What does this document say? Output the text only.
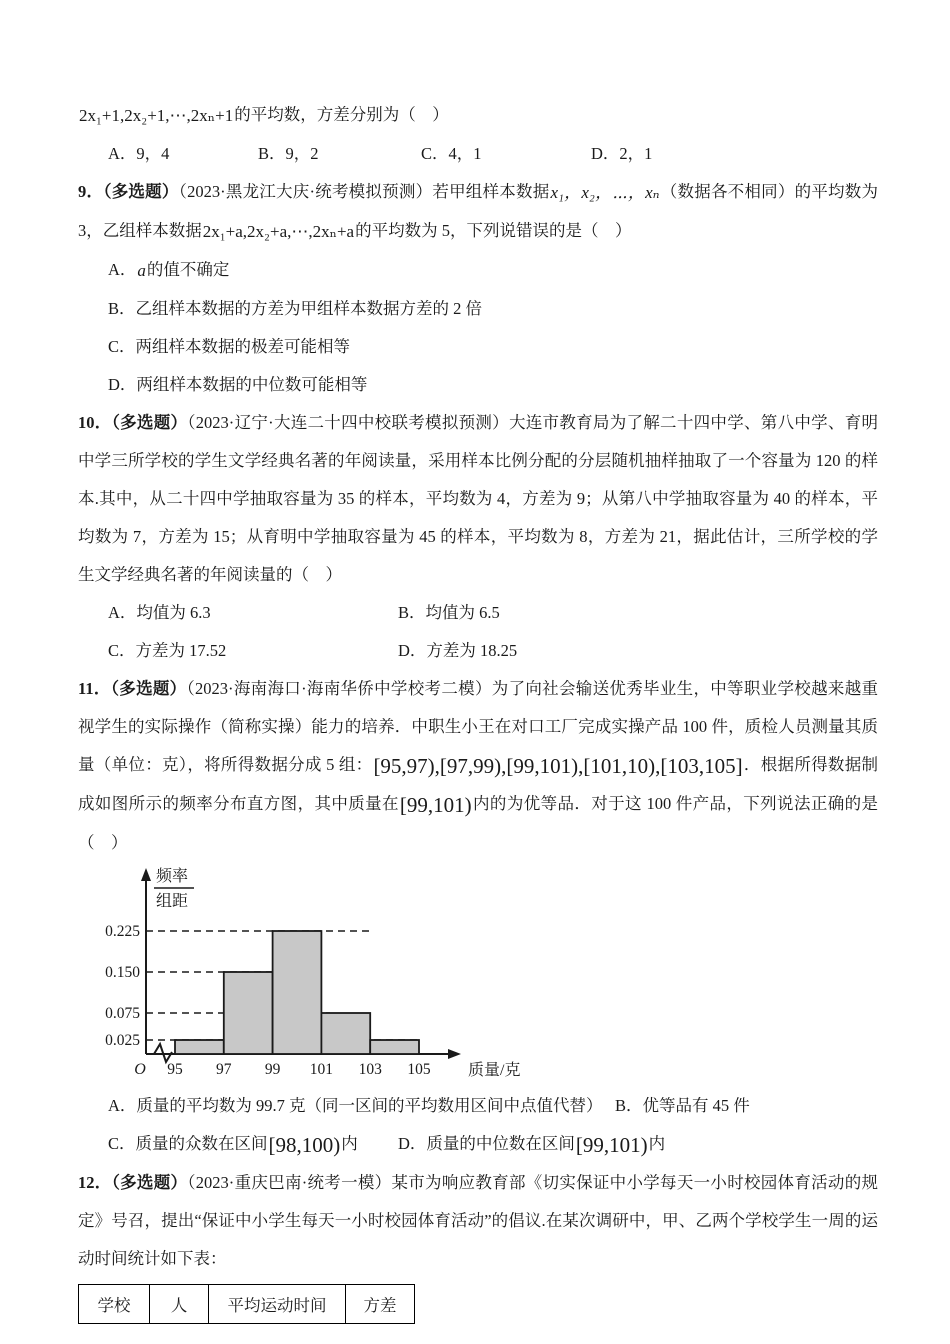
2x₁+1,2x₂+1,⋯,2xₙ+1的平均数，方差分别为（　）
A．9，4	B．9，2	C．4，1	D．2，1
9．（多选题）（2023·黑龙江大庆·统考模拟预测）若甲组样本数据x₁，x₂，⋯，xₙ（数据各不相同）的平均数为 3，乙组样本数据2x₁+a,2x₂+a,⋯,2xₙ+a的平均数为 5，下列说错误的是（　）
A．a的值不确定
B．乙组样本数据的方差为甲组样本数据方差的 2 倍
C．两组样本数据的极差可能相等
D．两组样本数据的中位数可能相等
10．（多选题）（2023·辽宁·大连二十四中校联考模拟预测）大连市教育局为了解二十四中学、第八中学、育明中学三所学校的学生文学经典名著的年阅读量，采用样本比例分配的分层随机抽样抽取了一个容量为 120 的样本.其中，从二十四中学抽取容量为 35 的样本，平均数为 4，方差为 9；从第八中学抽取容量为 40 的样本，平均数为 7，方差为 15；从育明中学抽取容量为 45 的样本，平均数为 8，方差为 21，据此估计，三所学校的学生文学经典名著的年阅读量的（　）
A．均值为 6.3	B．均值为 6.5
C．方差为 17.52	D．方差为 18.25
11．（多选题）（2023·海南海口·海南华侨中学校考二模）为了向社会输送优秀毕业生，中等职业学校越来越重视学生的实际操作（简称实操）能力的培养．中职生小王在对口工厂完成实操产品 100 件，质检人员测量其质量（单位：克），将所得数据分成 5 组：[95,97),[97,99),[99,101),[101,10),[103,105]．根据所得数据制成如图所示的频率分布直方图，其中质量在[99,101)内的为优等品．对于这 100 件产品，下列说法正确的是（　）
0.225
0.150
0.075
0.025
95 97 99 101 103 105
O	质量/克
频率
组距
A．质量的平均数为 99.7 克（同一区间的平均数用区间中点值代替） B．优等品有 45 件
C．质量的众数在区间[98,100)内 D．质量的中位数在区间[99,101)内
12．（多选题）（2023·重庆巴南·统考一模）某市为响应教育部《切实保证中小学每天一小时校园体育活动的规定》号召，提出“保证中小学生每天一小时校园体育活动”的倡议.在某次调研中，甲、乙两个学校学生一周的运动时间统计如下表：
学校	人	平均运动时间	方差
